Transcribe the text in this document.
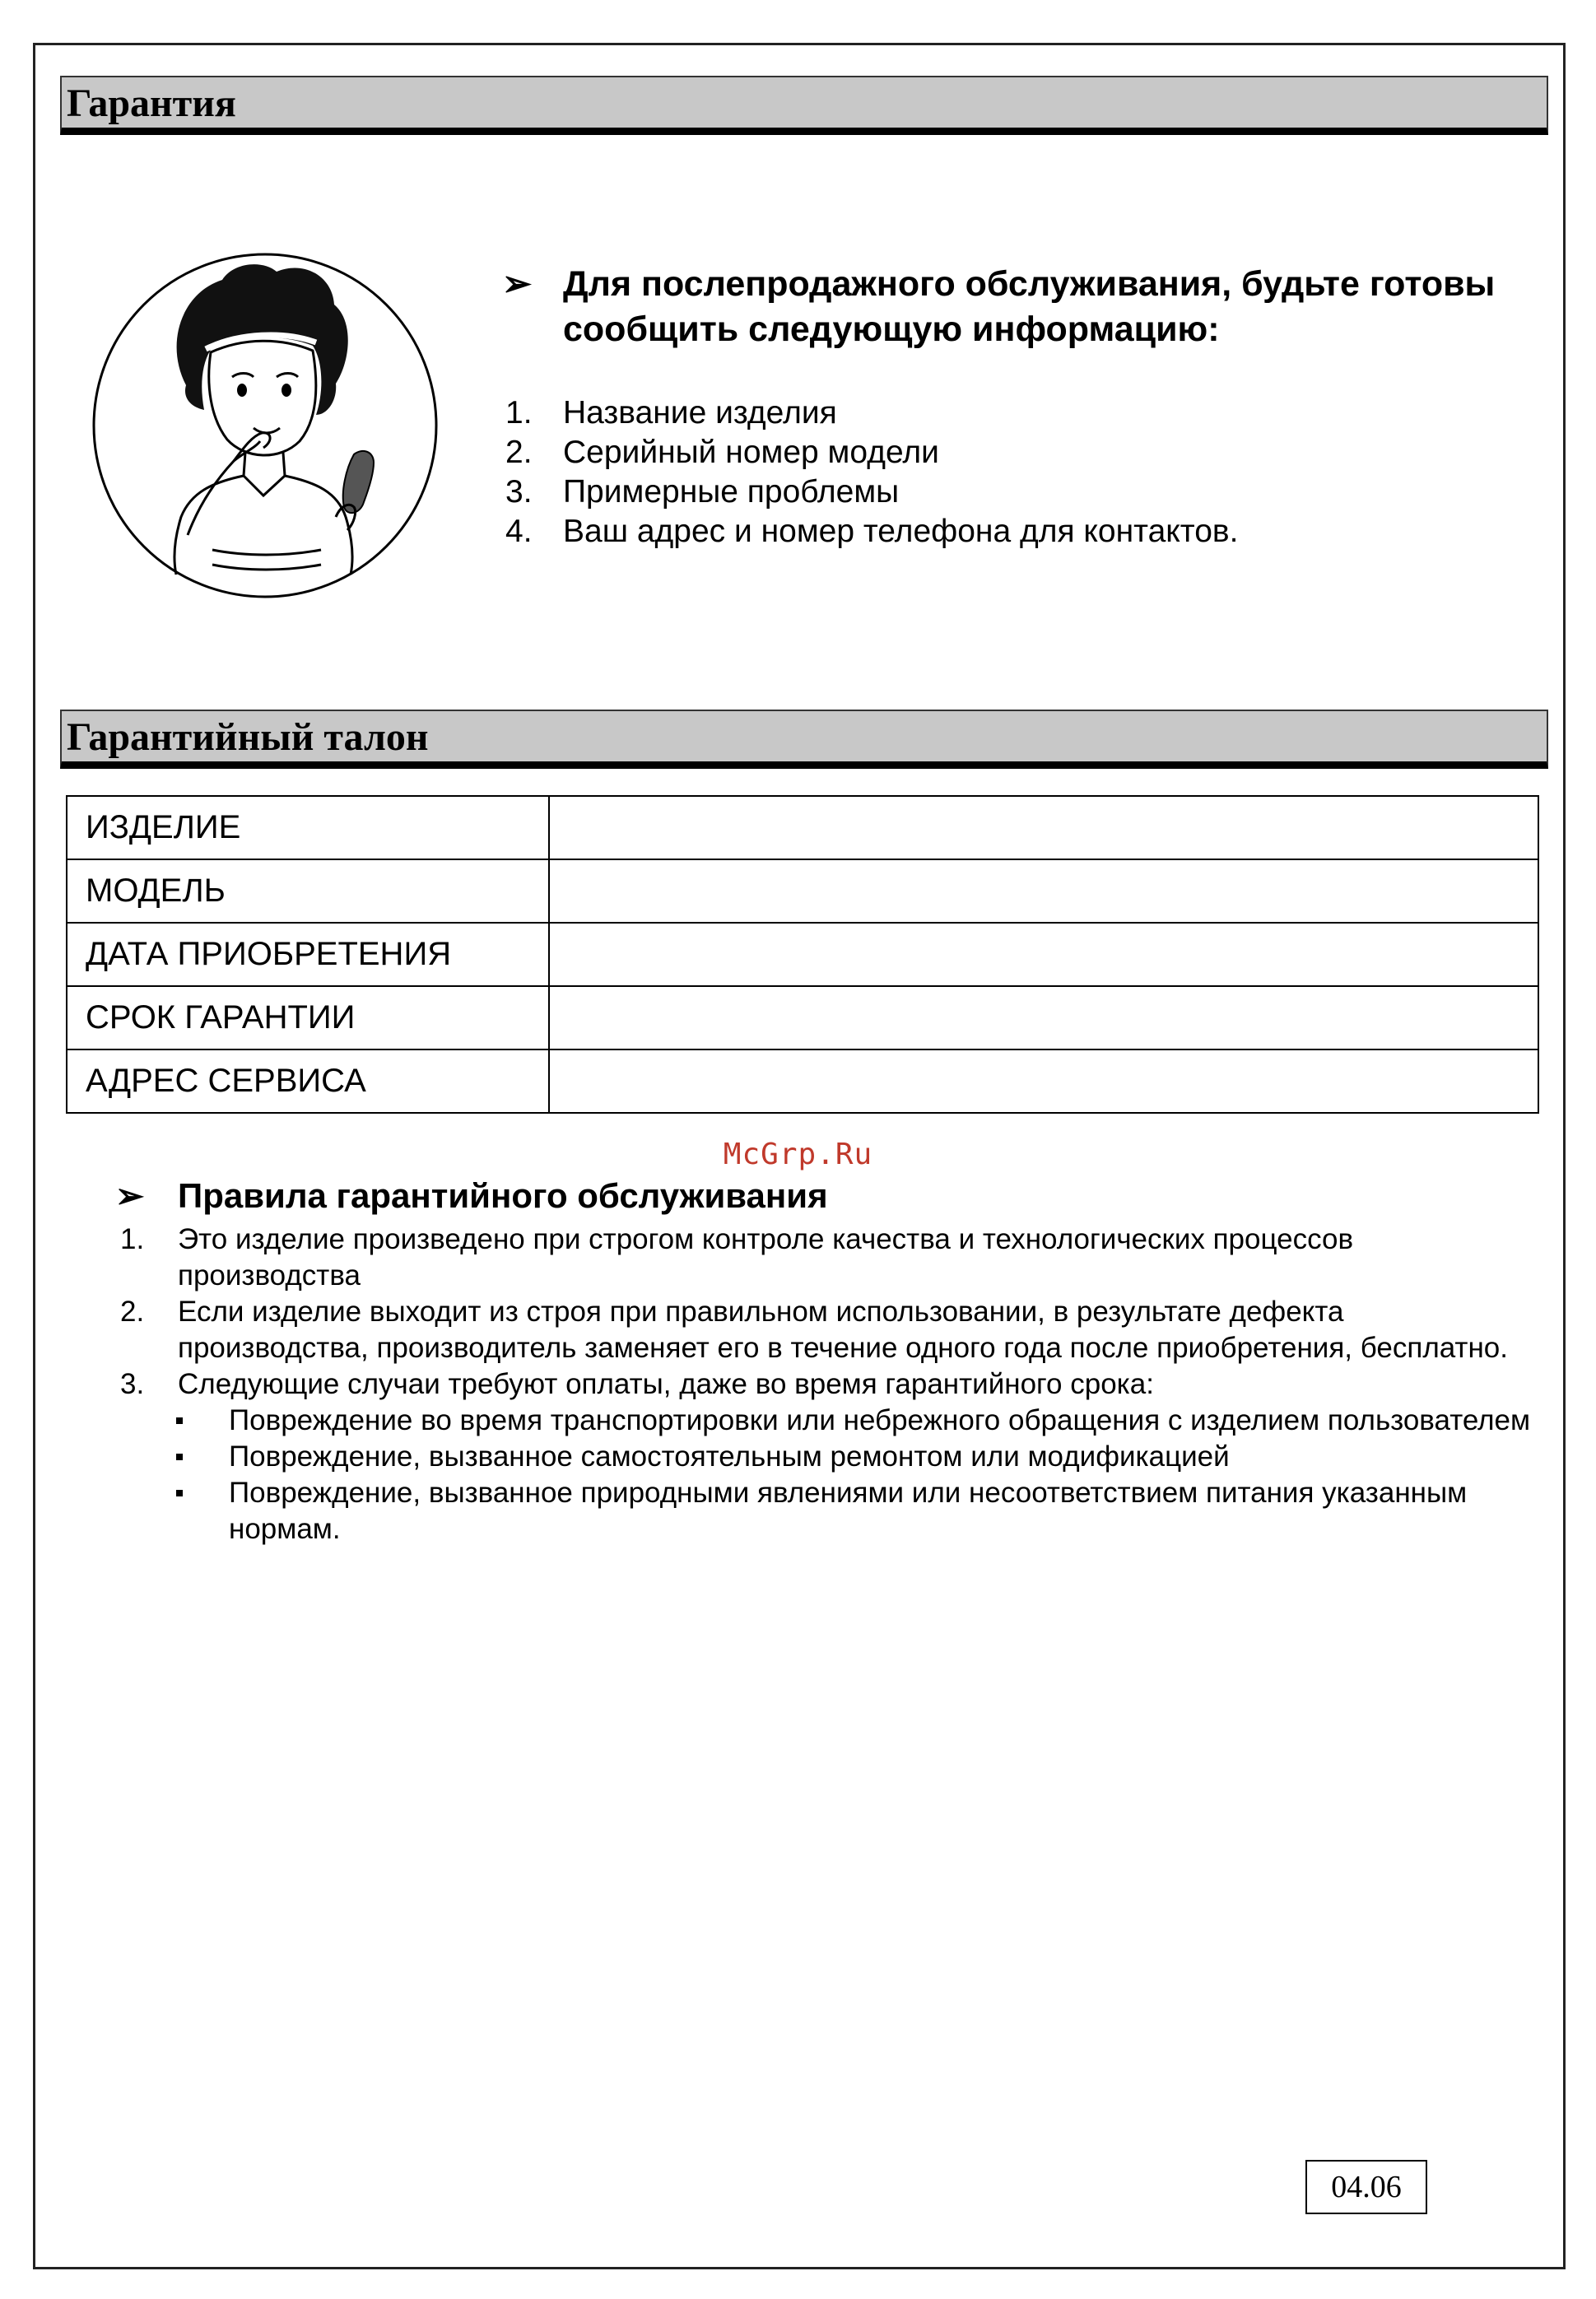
Гарантия
➢ Для послепродажного обслуживания, будьте готовы сообщить следующую информацию:
1. Название изделия
2. Серийный номер модели
3. Примерные проблемы
4. Ваш адрес и номер телефона для контактов.
Гарантийный талон
ИЗДЕЛИЕ	
МОДЕЛЬ	
ДАТА ПРИОБРЕТЕНИЯ	
СРОК ГАРАНТИИ	
АДРЕС СЕРВИСА	
McGrp.Ru
➢ Правила гарантийного обслуживания
1. Это изделие произведено при строгом контроле качества и технологических процессов производства
2. Если изделие выходит из строя при правильном использовании, в результате дефекта производства, производитель заменяет его в течение одного года после приобретения, бесплатно.
3. Следующие случаи требуют оплаты, даже во время гарантийного срока:
Повреждение во время транспортировки или небрежного обращения с изделием пользователем
Повреждение, вызванное самостоятельным ремонтом или модификацией
Повреждение, вызванное природными явлениями или несоответствием питания указанным нормам.
04.06
